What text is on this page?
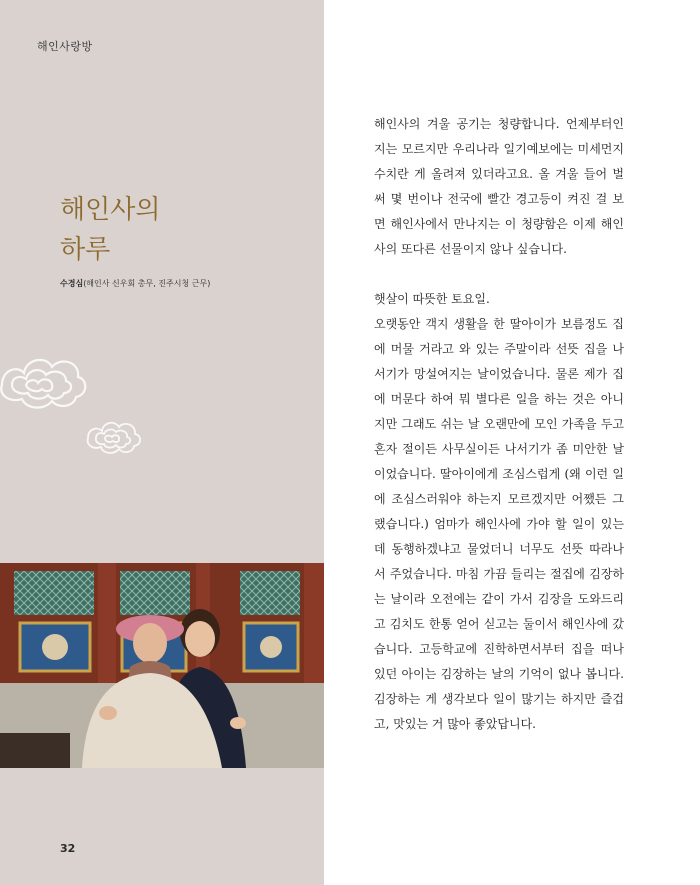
해인사랑방
해인사의
하루
수경심(해인사 신우회 총무, 진주시청 근무)
32

해인사의 겨울 공기는 청량합니다. 언제부터인지는 모르지만 우리나라 일기예보에는 미세먼지 수치란 게 올려져 있더라고요. 올 겨울 들어 벌써 몇 번이나 전국에 빨간 경고등이 켜진 걸 보면 해인사에서 만나지는 이 청량함은 이제 해인사의 또다른 선물이지 않나 싶습니다.

햇살이 따뜻한 토요일.

오랫동안 객지 생활을 한 딸아이가 보름정도 집에 머물 거라고 와 있는 주말이라 선뜻 집을 나서기가 망설여지는 날이었습니다. 물론 제가 집에 머문다 하여 뭐 별다른 일을 하는 것은 아니지만 그래도 쉬는 날 오랜만에 모인 가족을 두고 혼자 절이든 사무실이든 나서기가 좀 미안한 날이었습니다. 딸아이에게 조심스럽게 (왜 이런 일에 조심스러워야 하는지 모르겠지만 어쨌든 그랬습니다.) 엄마가 해인사에 가야 할 일이 있는데 동행하겠냐고 물었더니 너무도 선뜻 따라나서 주었습니다. 마침 가끔 들리는 절집에 김장하는 날이라 오전에는 같이 가서 김장을 도와드리고 김치도 한통 얻어 싣고는 둘이서 해인사에 갔습니다. 고등학교에 진학하면서부터 집을 떠나 있던 아이는 김장하는 날의 기억이 없나 봅니다. 김장하는 게 생각보다 일이 많기는 하지만 즐겁고, 맛있는 거 많아 좋았답니다.
